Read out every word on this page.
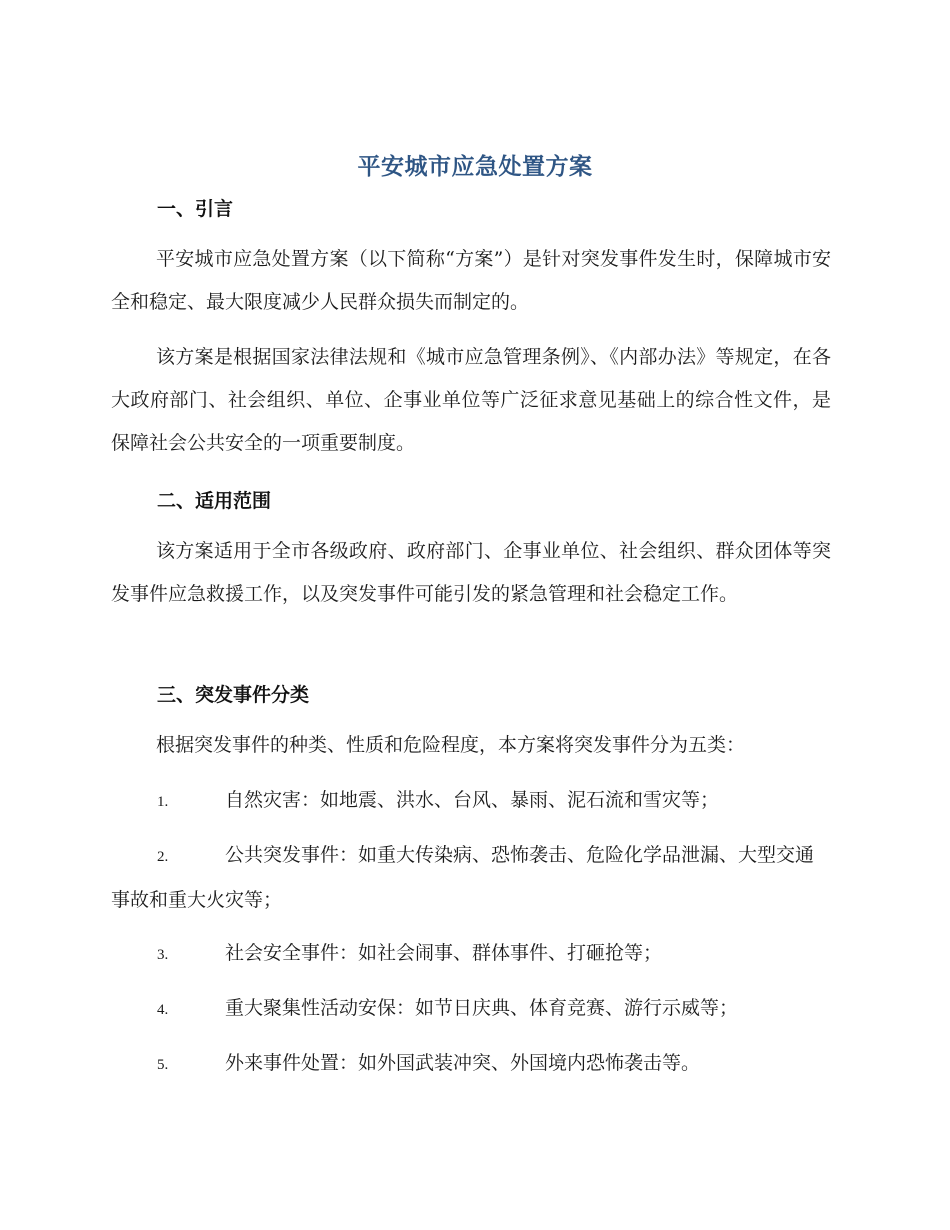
平安城市应急处置方案
一、引言

平安城市应急处置方案（以下简称“方案”）是针对突发事件发生时，保障城市安全和稳定、最大限度减少人民群众损失而制定的。

该方案是根据国家法律法规和《城市应急管理条例》、《内部办法》等规定，在各大政府部门、社会组织、单位、企事业单位等广泛征求意见基础上的综合性文件，是保障社会公共安全的一项重要制度。

二、适用范围

该方案适用于全市各级政府、政府部门、企事业单位、社会组织、群众团体等突发事件应急救援工作，以及突发事件可能引发的紧急管理和社会稳定工作。

三、突发事件分类

根据突发事件的种类、性质和危险程度，本方案将突发事件分为五类：

1.	自然灾害：如地震、洪水、台风、暴雨、泥石流和雪灾等；

2.	公共突发事件：如重大传染病、恐怖袭击、危险化学品泄漏、大型交通事故和重大火灾等；

3.	社会安全事件：如社会闹事、群体事件、打砸抢等；

4.	重大聚集性活动安保：如节日庆典、体育竞赛、游行示威等；

5.	外来事件处置：如外国武装冲突、外国境内恐怖袭击等。
